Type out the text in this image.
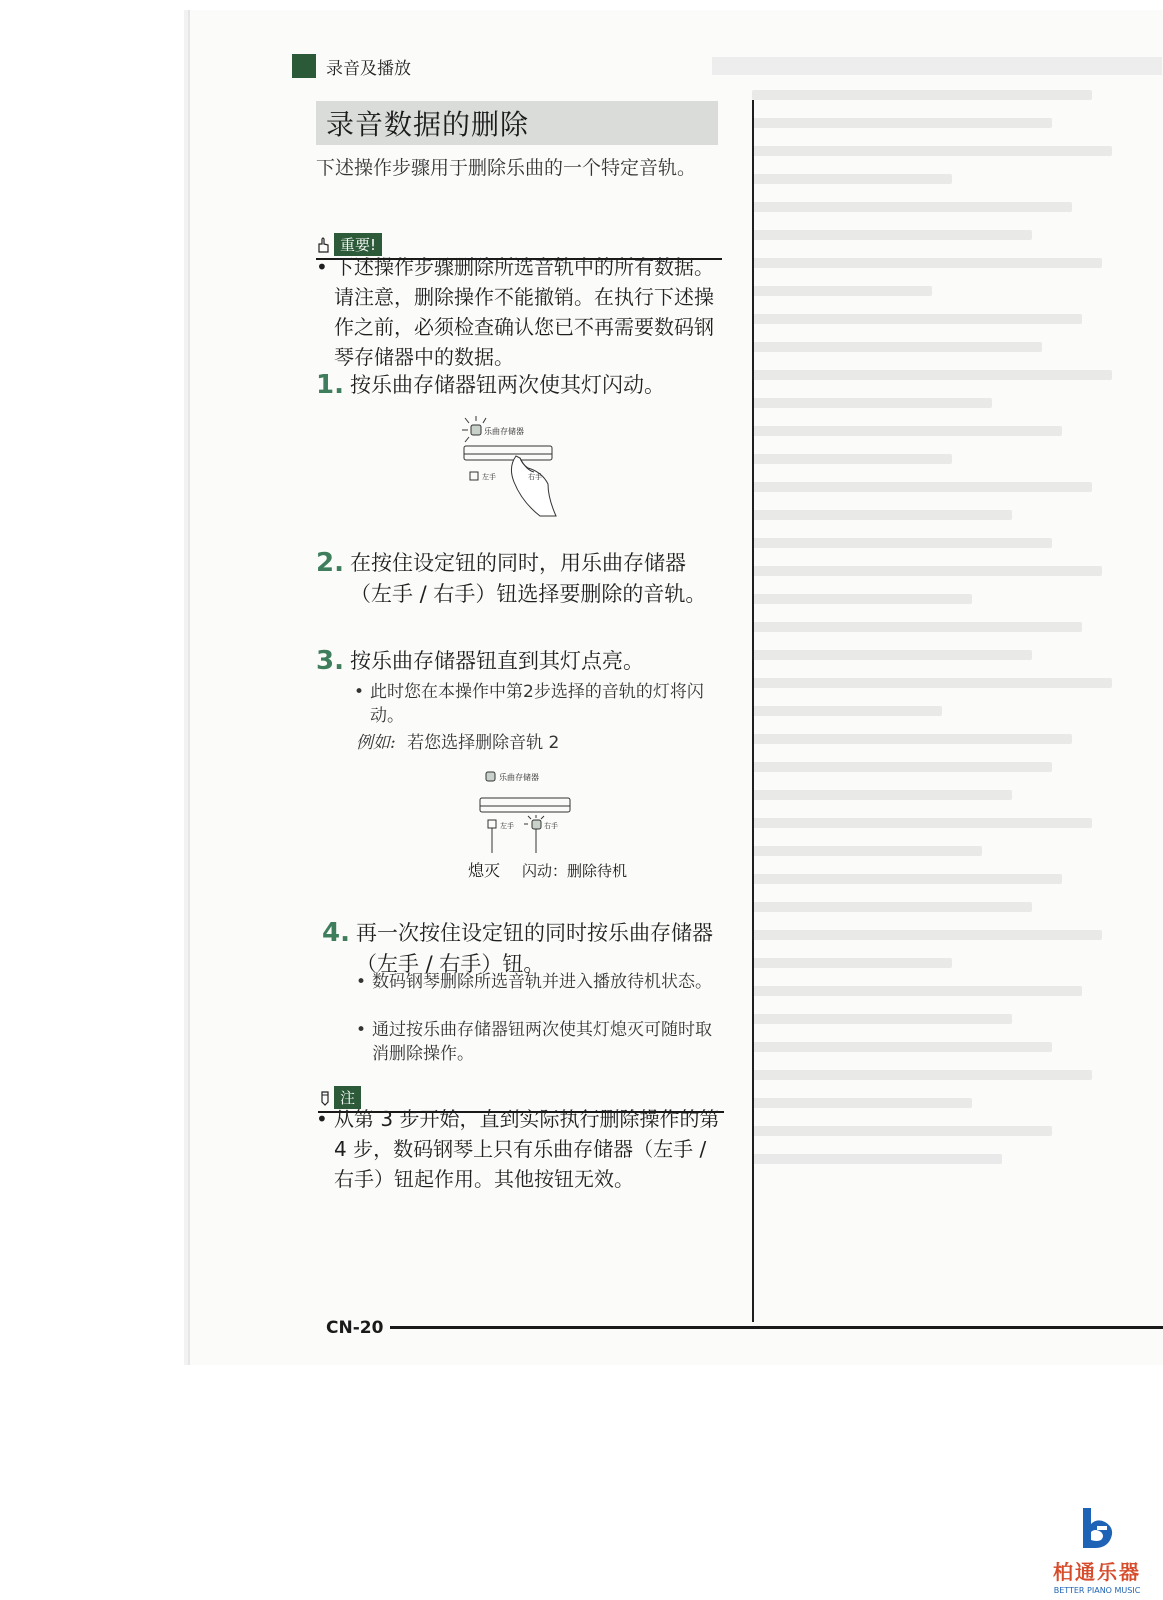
录音及播放
录音数据的删除
下述操作步骤用于删除乐曲的一个特定音轨。
重要!
• 下述操作步骤删除所选音轨中的所有数据。请注意，删除操作不能撤销。在执行下述操作之前，必须检查确认您已不再需要数码钢琴存储器中的数据。
1. 按乐曲存储器钮两次使其灯闪动。
乐曲存储器
左手	右手
2. 在按住设定钮的同时，用乐曲存储器（左手 / 右手）钮选择要删除的音轨。
3. 按乐曲存储器钮直到其灯点亮。
• 此时您在本操作中第2步选择的音轨的灯将闪动。
例如: 若您选择删除音轨 2
乐曲存储器
左手	右手
熄灭 闪动：删除待机
4. 再一次按住设定钮的同时按乐曲存储器（左手 / 右手）钮。
• 数码钢琴删除所选音轨并进入播放待机状态。
• 通过按乐曲存储器钮两次使其灯熄灭可随时取消删除操作。
注
• 从第 3 步开始，直到实际执行删除操作的第 4 步，数码钢琴上只有乐曲存储器（左手 / 右手）钮起作用。其他按钮无效。
CN-20
柏通乐器
BETTER PIANO MUSIC
